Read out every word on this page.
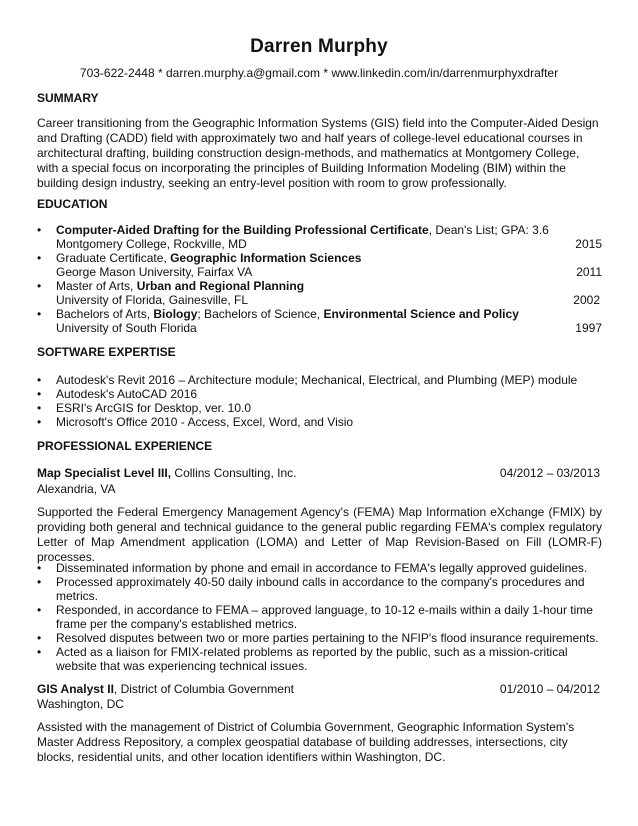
Darren Murphy
703-622-2448 * darren.murphy.a@gmail.com * www.linkedin.com/in/darrenmurphyxdrafter
SUMMARY
Career transitioning from the Geographic Information Systems (GIS) field into the Computer-Aided Design and Drafting (CADD) field with approximately two and half years of college-level educational courses in architectural drafting, building construction design-methods, and mathematics at Montgomery College, with a special focus on incorporating the principles of Building Information Modeling (BIM) within the building design industry, seeking an entry-level position with room to grow professionally.
EDUCATION
• Computer-Aided Drafting for the Building Professional Certificate, Dean's List; GPA: 3.6
Montgomery College, Rockville, MD	2015
• Graduate Certificate, Geographic Information Sciences
George Mason University, Fairfax VA	2011
• Master of Arts, Urban and Regional Planning
University of Florida, Gainesville, FL	2002
• Bachelors of Arts, Biology; Bachelors of Science, Environmental Science and Policy
University of South Florida	1997
SOFTWARE EXPERTISE
• Autodesk's Revit 2016 – Architecture module; Mechanical, Electrical, and Plumbing (MEP) module
• Autodesk's AutoCAD 2016
• ESRI's ArcGIS for Desktop, ver. 10.0
• Microsoft's Office 2010 - Access, Excel, Word, and Visio
PROFESSIONAL EXPERIENCE
Map Specialist Level III, Collins Consulting, Inc.	04/2012 – 03/2013
Alexandria, VA
Supported the Federal Emergency Management Agency's (FEMA) Map Information eXchange (FMIX) by providing both general and technical guidance to the general public regarding FEMA's complex regulatory Letter of Map Amendment application (LOMA) and Letter of Map Revision-Based on Fill (LOMR-F) processes.
• Disseminated information by phone and email in accordance to FEMA's legally approved guidelines.
• Processed approximately 40-50 daily inbound calls in accordance to the company's procedures and metrics.
• Responded, in accordance to FEMA – approved language, to 10-12 e-mails within a daily 1-hour time frame per the company's established metrics.
• Resolved disputes between two or more parties pertaining to the NFIP's flood insurance requirements.
• Acted as a liaison for FMIX-related problems as reported by the public, such as a mission-critical website that was experiencing technical issues.
GIS Analyst II, District of Columbia Government	01/2010 – 04/2012
Washington, DC
Assisted with the management of District of Columbia Government, Geographic Information System's Master Address Repository, a complex geospatial database of building addresses, intersections, city blocks, residential units, and other location identifiers within Washington, DC.
